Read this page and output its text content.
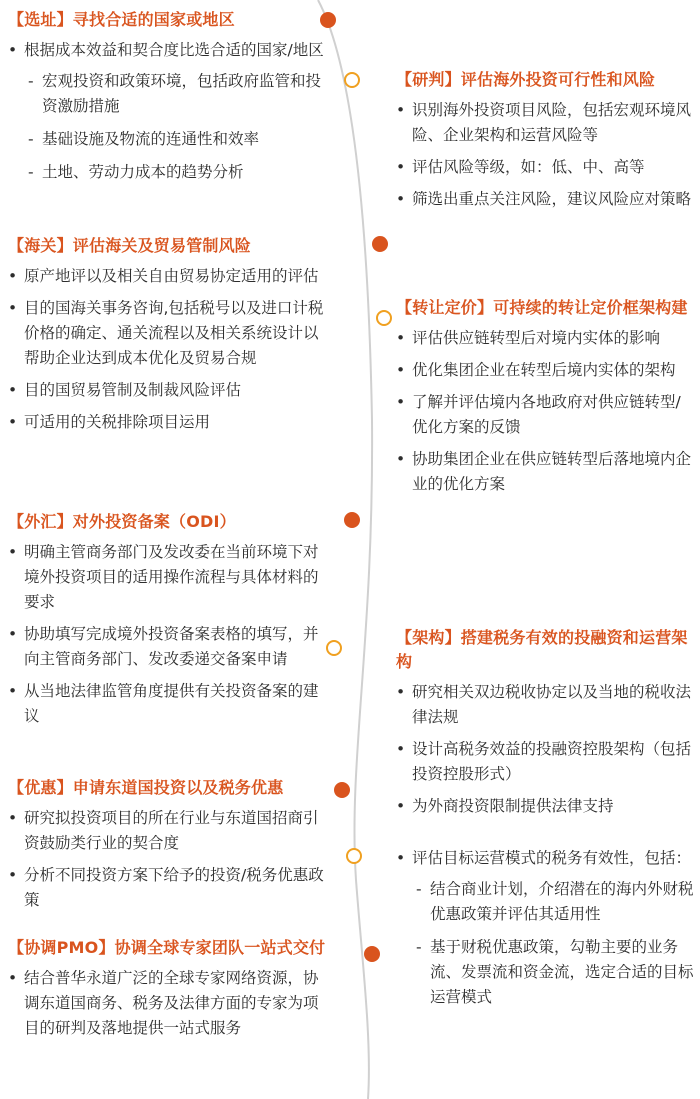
【选址】寻找合适的国家或地区
• 根据成本效益和契合度比选合适的国家/地区
- 宏观投资和政策环境，包括政府监管和投资激励措施
- 基础设施及物流的连通性和效率
- 土地、劳动力成本的趋势分析
【海关】评估海关及贸易管制风险
• 原产地评以及相关自由贸易协定适用的评估
• 目的国海关事务咨询,包括税号以及进口计税价格的确定、通关流程以及相关系统设计以帮助企业达到成本优化及贸易合规
• 目的国贸易管制及制裁风险评估
• 可适用的关税排除项目运用
【外汇】对外投资备案（ODI）
• 明确主管商务部门及发改委在当前环境下对境外投资项目的适用操作流程与具体材料的要求
• 协助填写完成境外投资备案表格的填写，并向主管商务部门、发改委递交备案申请
• 从当地法律监管角度提供有关投资备案的建议
【优惠】申请东道国投资以及税务优惠
• 研究拟投资项目的所在行业与东道国招商引资鼓励类行业的契合度
• 分析不同投资方案下给予的投资/税务优惠政策
【协调PMO】协调全球专家团队一站式交付
• 结合普华永道广泛的全球专家网络资源，协调东道国商务、税务及法律方面的专家为项目的研判及落地提供一站式服务
【研判】评估海外投资可行性和风险
• 识别海外投资项目风险，包括宏观环境风险、企业架构和运营风险等
• 评估风险等级，如：低、中、高等
• 筛选出重点关注风险，建议风险应对策略
【转让定价】可持续的转让定价框架构建
• 评估供应链转型后对境内实体的影响
• 优化集团企业在转型后境内实体的架构
• 了解并评估境内各地政府对供应链转型/优化方案的反馈
• 协助集团企业在供应链转型后落地境内企业的优化方案
【架构】搭建税务有效的投融资和运营架构
• 研究相关双边税收协定以及当地的税收法律法规
• 设计高税务效益的投融资控股架构（包括投资控股形式）
• 为外商投资限制提供法律支持
• 评估目标运营模式的税务有效性，包括：
- 结合商业计划，介绍潜在的海内外财税优惠政策并评估其适用性
- 基于财税优惠政策，勾勒主要的业务流、发票流和资金流，选定合适的目标运营模式
